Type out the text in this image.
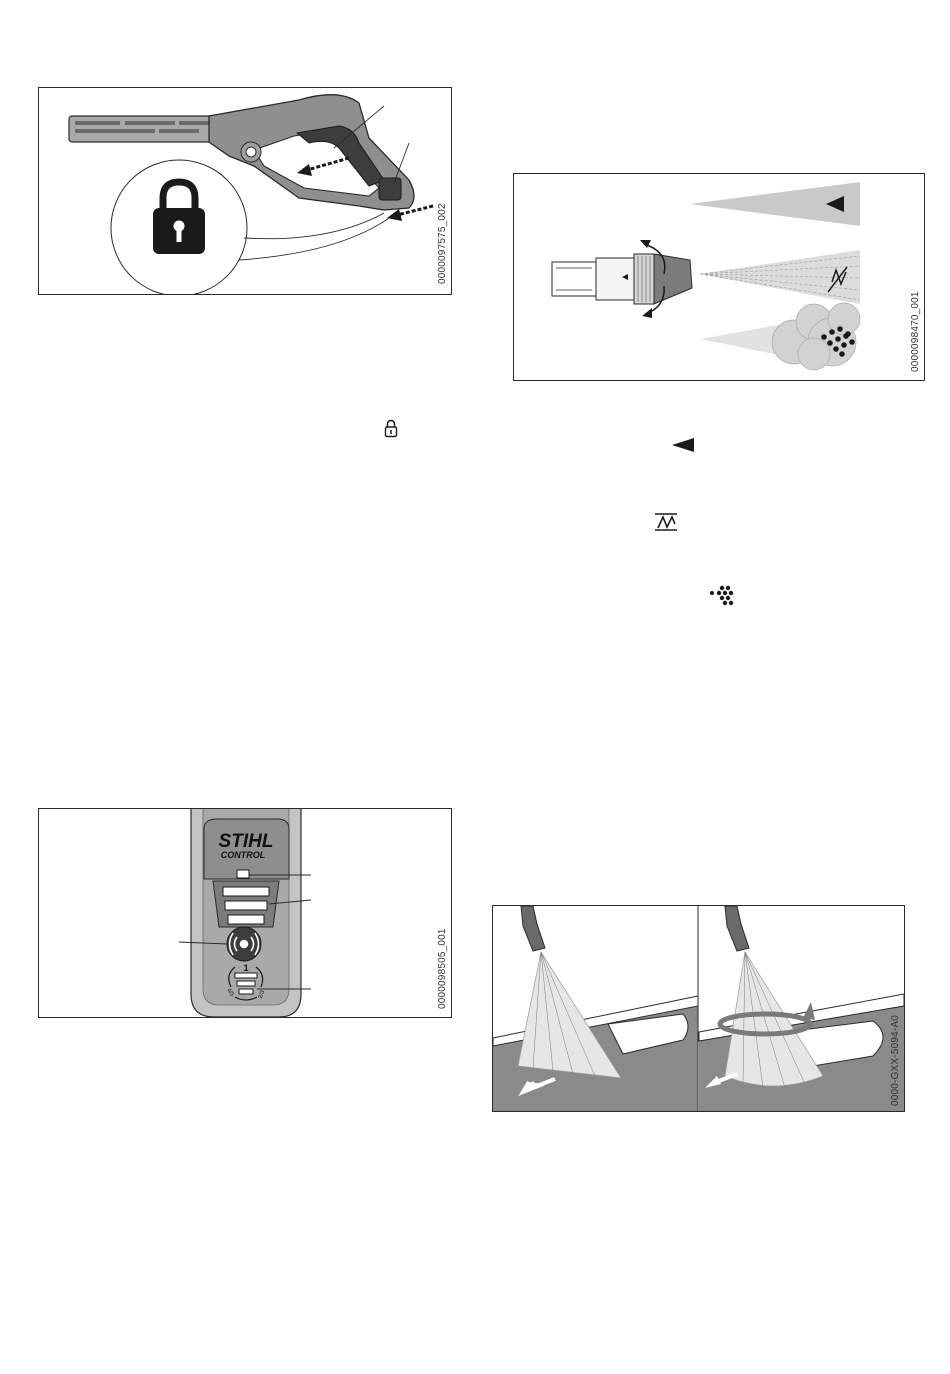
0000097575_002
0000098470_001
STIHL
CONTROL
1
2/3
4/5	0000098505_001
0000-GXX-5094-A0
